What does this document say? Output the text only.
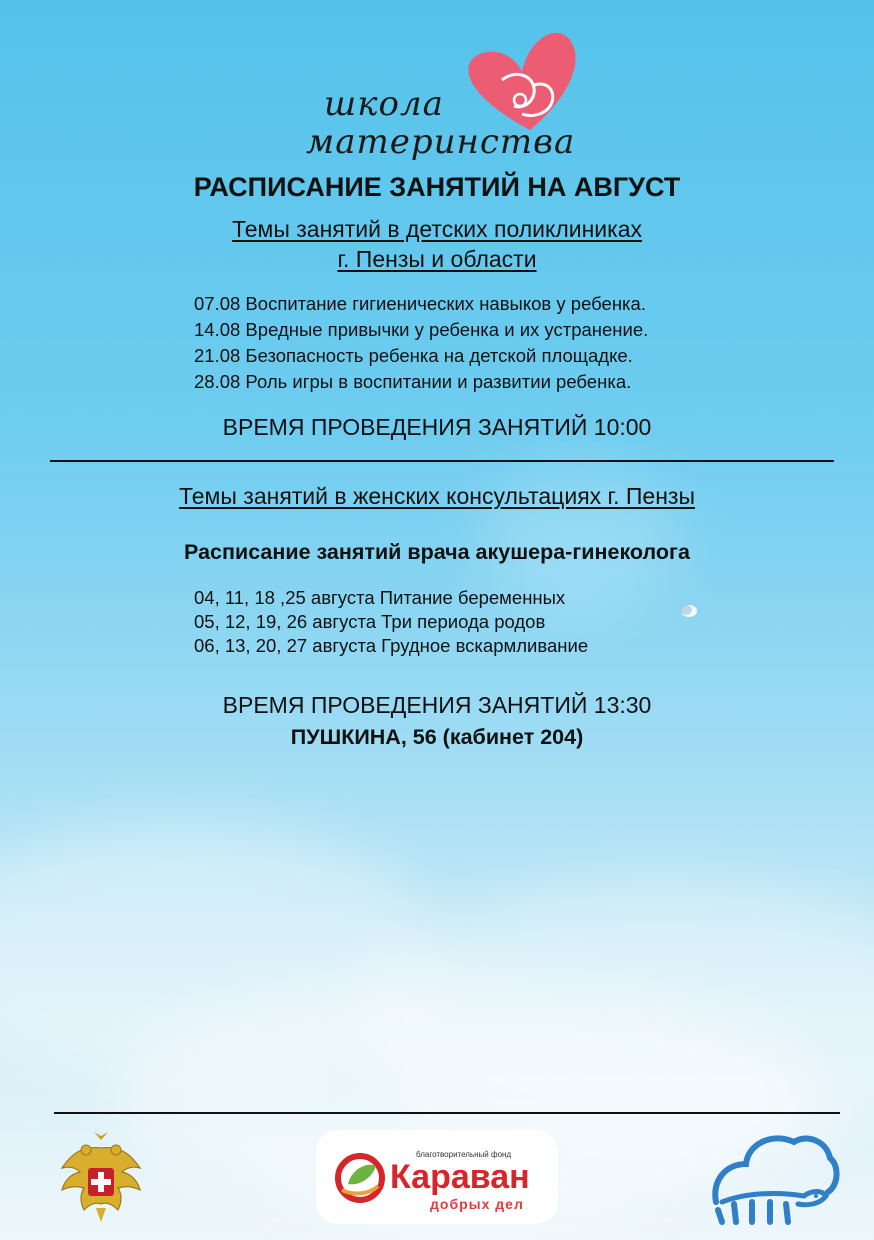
школа
материнства
РАСПИСАНИЕ ЗАНЯТИЙ НА АВГУСТ
Темы занятий в детских поликлиниках
г. Пензы и области
07.08 Воспитание гигиенических навыков у ребенка.
14.08 Вредные привычки у ребенка и их устранение.
21.08 Безопасность ребенка на детской площадке.
28.08 Роль игры в воспитании и развитии ребенка.
ВРЕМЯ ПРОВЕДЕНИЯ ЗАНЯТИЙ 10:00
Темы занятий в женских консультациях г. Пензы
Расписание занятий врача акушера-гинеколога
04, 11, 18 ,25 августа Питание беременных
05, 12, 19, 26 августа Три периода родов
06, 13, 20, 27 августа Грудное вскармливание
ВРЕМЯ ПРОВЕДЕНИЯ ЗАНЯТИЙ 13:30
ПУШКИНА, 56 (кабинет 204)
благотворительный фонд
Караван
добрых дел
